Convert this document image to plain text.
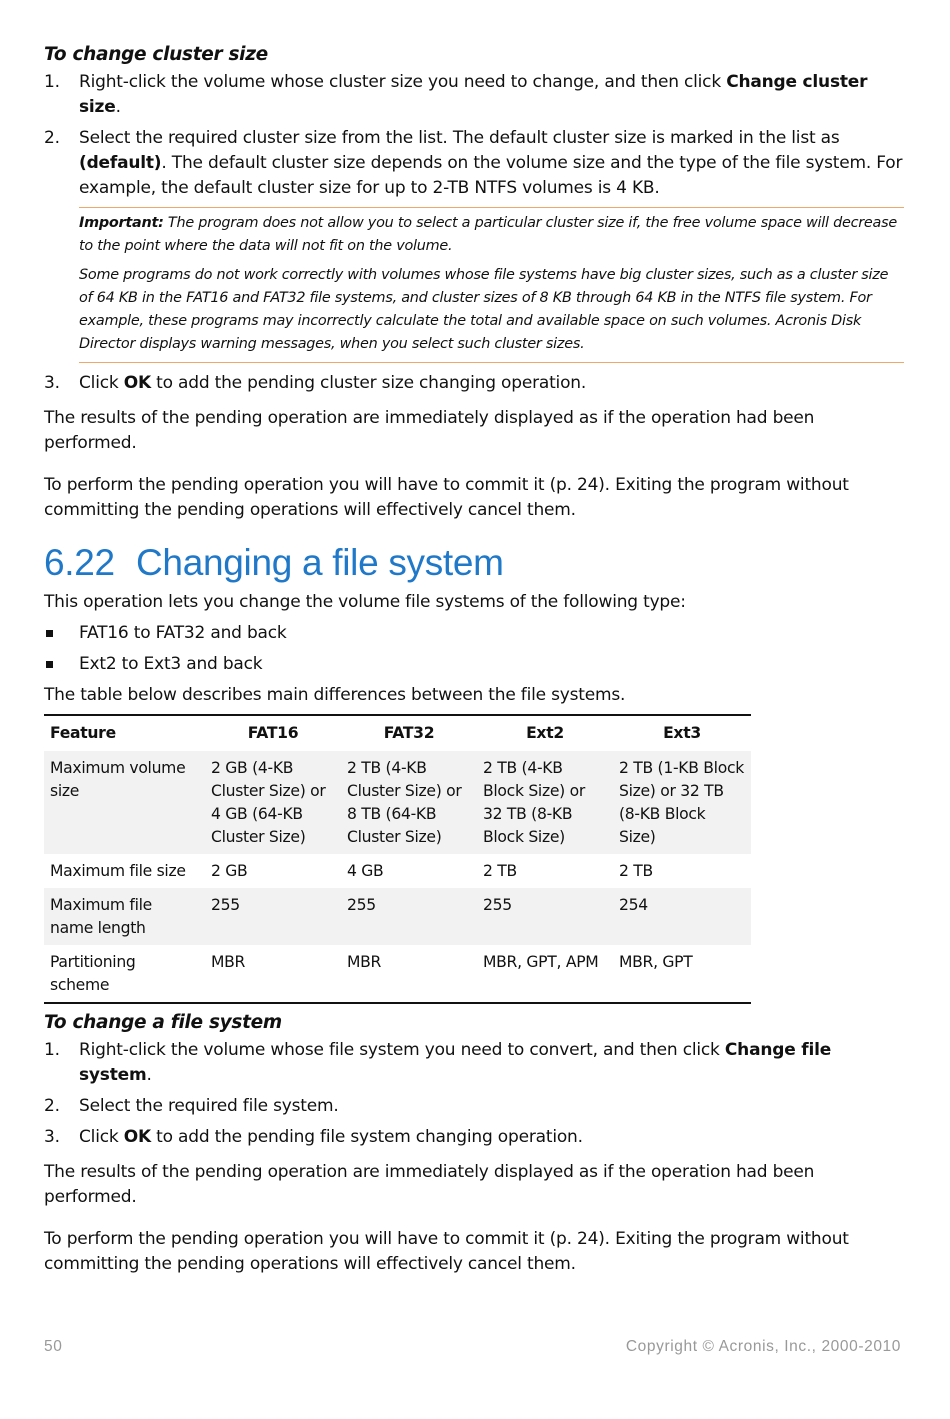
To change cluster size
1. Right-click the volume whose cluster size you need to change, and then click Change cluster size.
2. Select the required cluster size from the list. The default cluster size is marked in the list as (default). The default cluster size depends on the volume size and the type of the file system. For example, the default cluster size for up to 2-TB NTFS volumes is 4 KB.

Important: The program does not allow you to select a particular cluster size if, the free volume space will decrease to the point where the data will not fit on the volume.

Some programs do not work correctly with volumes whose file systems have big cluster sizes, such as a cluster size of 64 KB in the FAT16 and FAT32 file systems, and cluster sizes of 8 KB through 64 KB in the NTFS file system. For example, these programs may incorrectly calculate the total and available space on such volumes. Acronis Disk Director displays warning messages, when you select such cluster sizes.

3. Click OK to add the pending cluster size changing operation.

The results of the pending operation are immediately displayed as if the operation had been performed.

To perform the pending operation you will have to commit it (p. 24). Exiting the program without committing the pending operations will effectively cancel them.

6.22 Changing a file system

This operation lets you change the volume file systems of the following type:

FAT16 to FAT32 and back
Ext2 to Ext3 and back

The table below describes main differences between the file systems.

Feature	FAT16	FAT32	Ext2	Ext3
Maximum volume size	2 GB (4-KB Cluster Size) or 4 GB (64-KB Cluster Size)	2 TB (4-KB Cluster Size) or 8 TB (64-KB Cluster Size)	2 TB (4-KB Block Size) or 32 TB (8-KB Block Size)	2 TB (1-KB Block Size) or 32 TB (8-KB Block Size)
Maximum file size	2 GB	4 GB	2 TB	2 TB
Maximum file name length	255	255	255	254
Partitioning scheme	MBR	MBR	MBR, GPT, APM	MBR, GPT
To change a file system
1. Right-click the volume whose file system you need to convert, and then click Change file system.
2. Select the required file system.
3. Click OK to add the pending file system changing operation.

The results of the pending operation are immediately displayed as if the operation had been performed.

To perform the pending operation you will have to commit it (p. 24). Exiting the program without committing the pending operations will effectively cancel them.

50	Copyright © Acronis, Inc., 2000-2010
